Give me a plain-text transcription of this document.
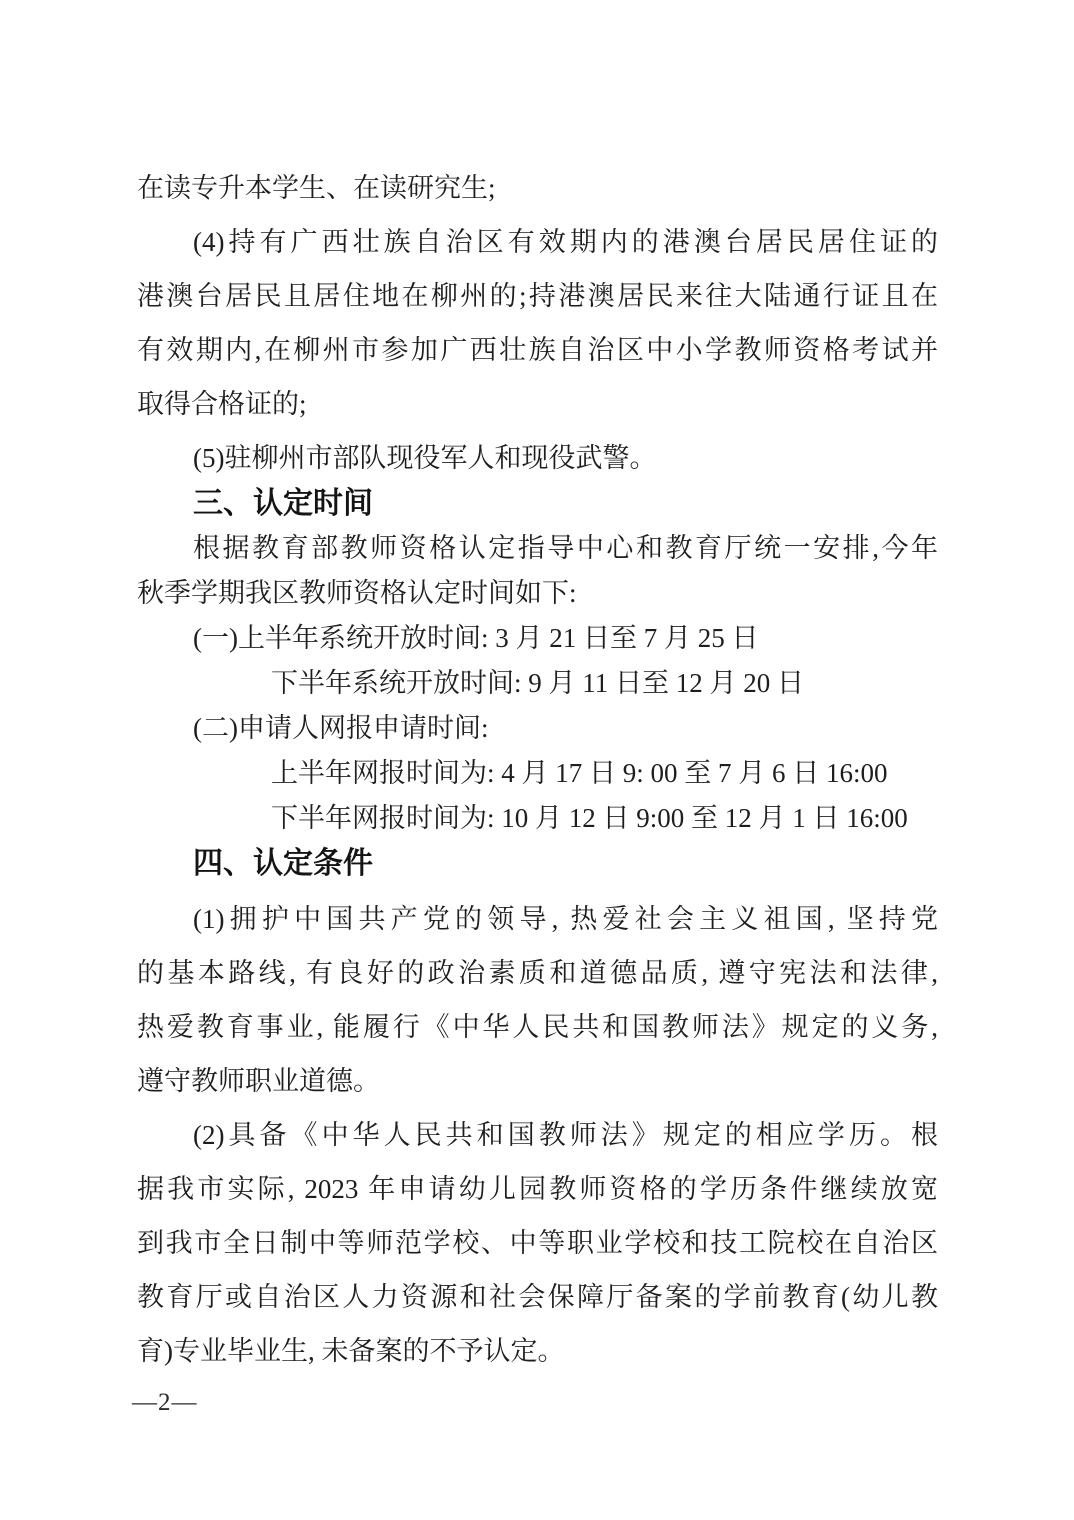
在读专升本学生、在读研究生;

(4)持有广西壮族自治区有效期内的港澳台居民居住证的

港澳台居民且居住地在柳州的;持港澳居民来往大陆通行证且在

有效期内,在柳州市参加广西壮族自治区中小学教师资格考试并

取得合格证的;

(5)驻柳州市部队现役军人和现役武警。

三、认定时间

根据教育部教师资格认定指导中心和教育厅统一安排,今年

秋季学期我区教师资格认定时间如下:

(一)上半年系统开放时间: 3 月 21 日至 7 月 25 日

下半年系统开放时间: 9 月 11 日至 12 月 20 日

(二)申请人网报申请时间:

上半年网报时间为: 4 月 17 日 9: 00 至 7 月 6 日 16:00

下半年网报时间为: 10 月 12 日 9:00 至 12 月 1 日 16:00

四、认定条件

(1)拥护中国共产党的领导, 热爱社会主义祖国, 坚持党

的基本路线, 有良好的政治素质和道德品质, 遵守宪法和法律,

热爱教育事业, 能履行《中华人民共和国教师法》规定的义务,

遵守教师职业道德。

(2)具备《中华人民共和国教师法》规定的相应学历。根

据我市实际, 2023 年申请幼儿园教师资格的学历条件继续放宽

到我市全日制中等师范学校、中等职业学校和技工院校在自治区

教育厅或自治区人力资源和社会保障厅备案的学前教育(幼儿教

育)专业毕业生, 未备案的不予认定。

—2—
